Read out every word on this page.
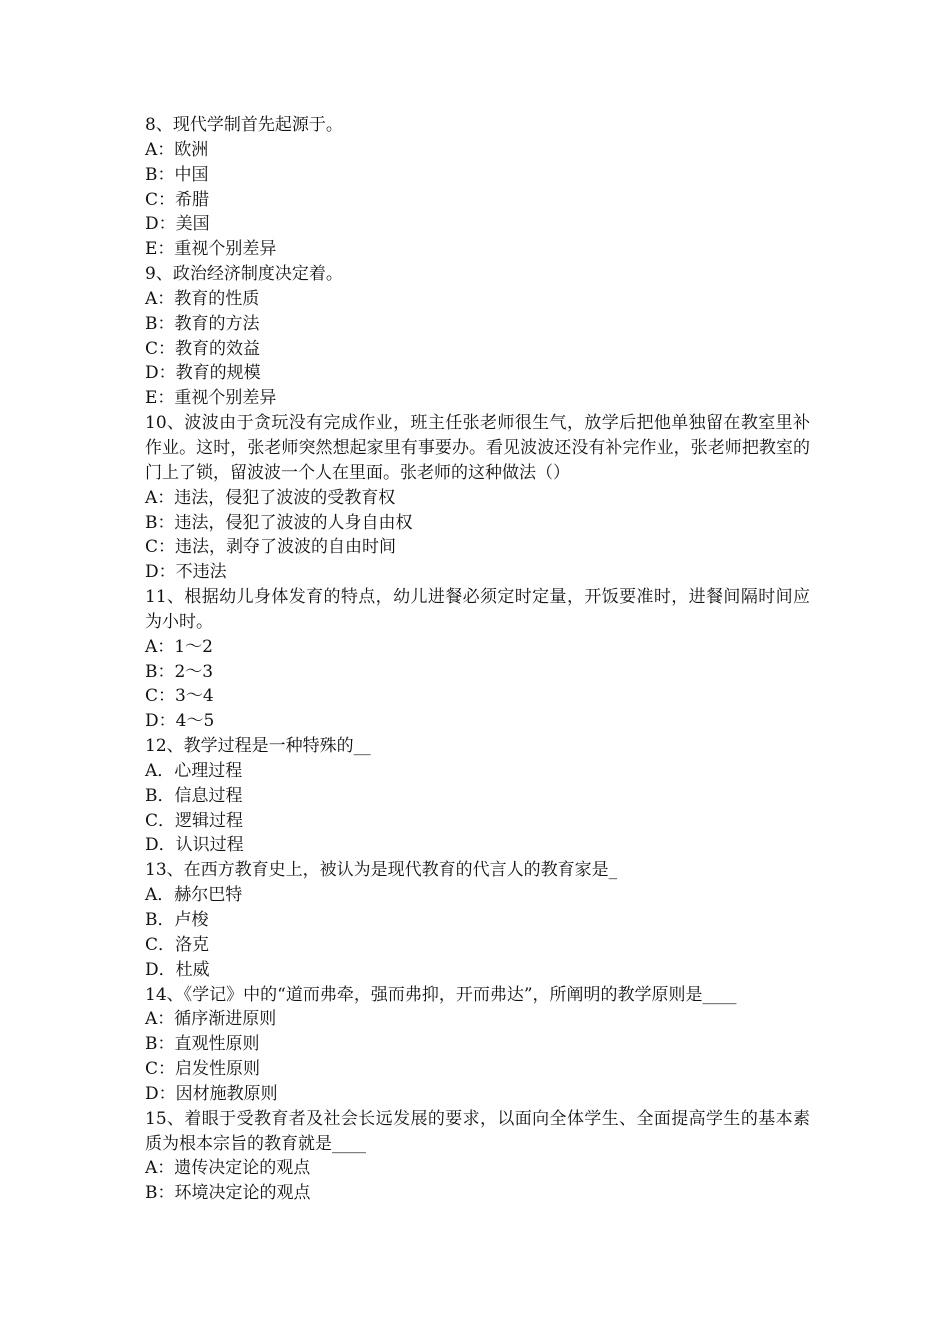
8、现代学制首先起源于。

A：欧洲

B：中国

C：希腊

D：美国

E：重视个别差异

9、政治经济制度决定着。

A：教育的性质

B：教育的方法

C：教育的效益

D：教育的规模

E：重视个别差异

10、波波由于贪玩没有完成作业，班主任张老师很生气，放学后把他单独留在教室里补作业。这时，张老师突然想起家里有事要办。看见波波还没有补完作业，张老师把教室的门上了锁，留波波一个人在里面。张老师的这种做法（）

A：违法，侵犯了波波的受教育权

B：违法，侵犯了波波的人身自由权

C：违法，剥夺了波波的自由时间

D：不违法

11、根据幼儿身体发育的特点，幼儿进餐必须定时定量，开饭要准时，进餐间隔时间应为小时。

A：1～2

B：2～3

C：3～4

D：4～5

12、教学过程是一种特殊的__

A．心理过程

B．信息过程

C．逻辑过程

D．认识过程

13、在西方教育史上，被认为是现代教育的代言人的教育家是_

A．赫尔巴特

B．卢梭

C．洛克

D．杜威

14、《学记》中的“道而弗牵，强而弗抑，开而弗达”，所阐明的教学原则是____

A：循序渐进原则

B：直观性原则

C：启发性原则

D：因材施教原则

15、着眼于受教育者及社会长远发展的要求，以面向全体学生、全面提高学生的基本素质为根本宗旨的教育就是____

A：遗传决定论的观点

B：环境决定论的观点
